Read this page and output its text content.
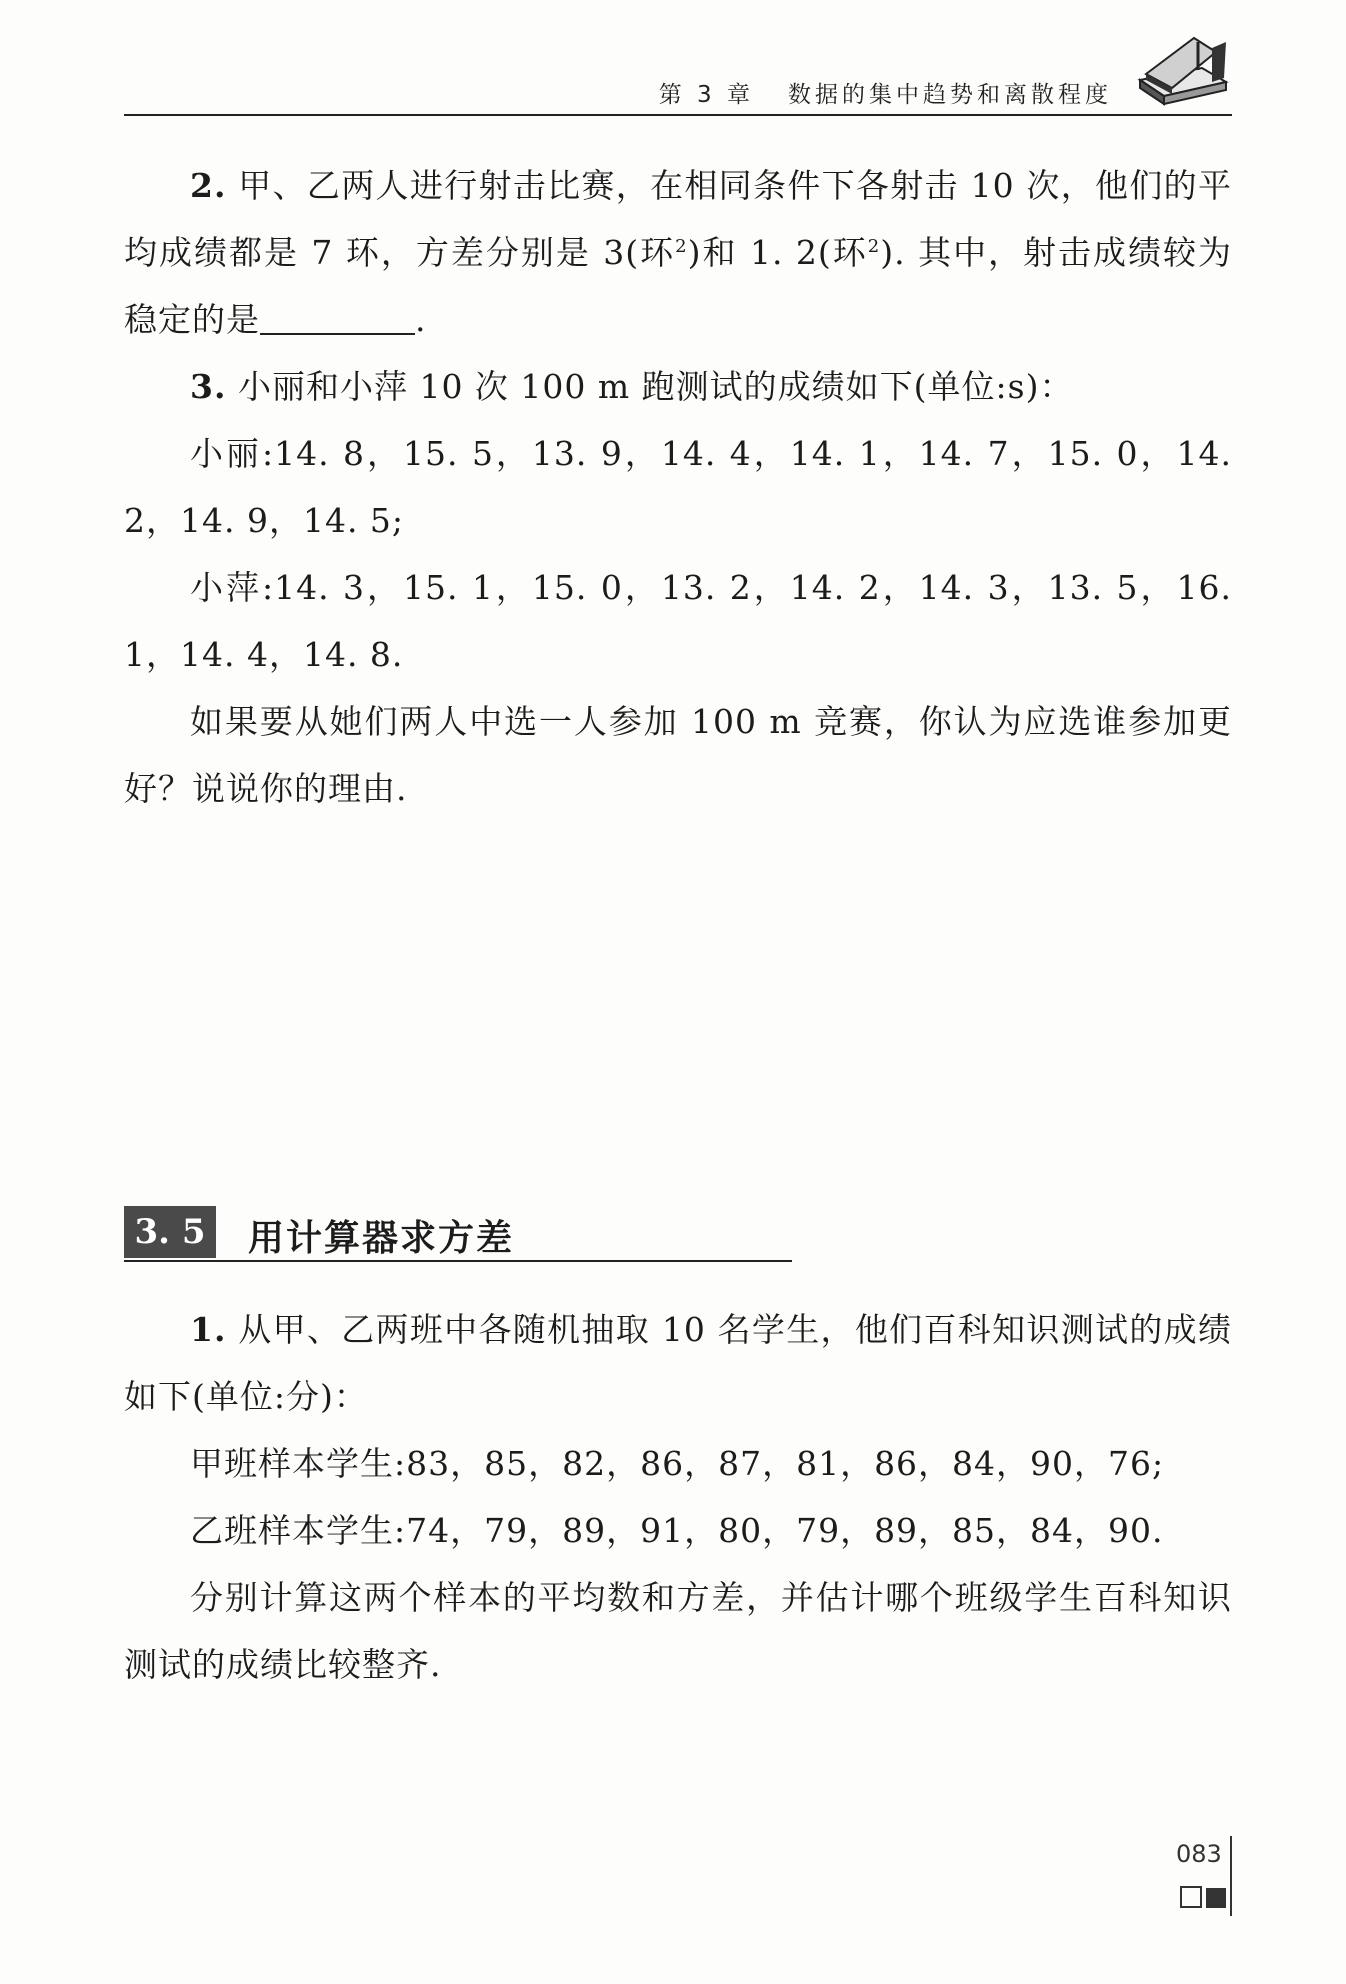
第 3 章 数据的集中趋势和离散程度

2. 甲、乙两人进行射击比赛，在相同条件下各射击 10 次，他们的平均成绩都是 7 环，方差分别是 3(环$^2$)和 1. 2(环$^2$). 其中，射击成绩较为稳定的是	.

3. 小丽和小萍 10 次 100 m 跑测试的成绩如下(单位:s)：

小丽:14. 8，15. 5，13. 9，14. 4，14. 1，14. 7，15. 0，14. 2，14. 9，14. 5;

小萍:14. 3，15. 1，15. 0，13. 2，14. 2，14. 3，13. 5，16. 1，14. 4，14. 8.

如果要从她们两人中选一人参加 100 m 竞赛，你认为应选谁参加更好？说说你的理由.

3. 5 用计算器求方差

1. 从甲、乙两班中各随机抽取 10 名学生，他们百科知识测试的成绩如下(单位:分)：

甲班样本学生:83，85，82，86，87，81，86，84，90，76;

乙班样本学生:74，79，89，91，80，79，89，85，84，90.

分别计算这两个样本的平均数和方差，并估计哪个班级学生百科知识测试的成绩比较整齐.

083
